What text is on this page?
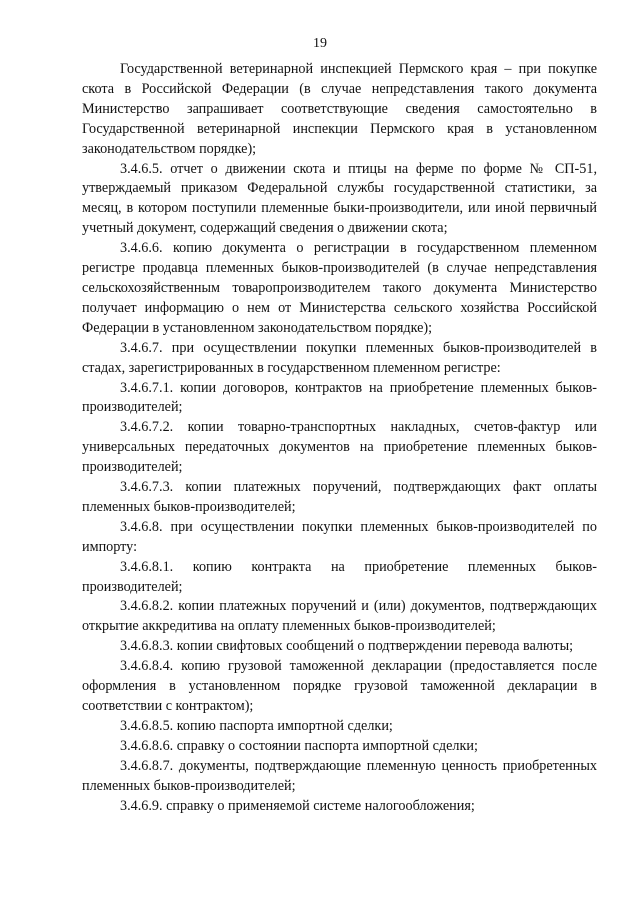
19

Государственной ветеринарной инспекцией Пермского края – при покупке скота в Российской Федерации (в случае непредставления такого документа Министерство запрашивает соответствующие сведения самостоятельно в Государственной ветеринарной инспекции Пермского края в установленном законодательством порядке);

3.4.6.5. отчет о движении скота и птицы на ферме по форме № СП-51, утверждаемый приказом Федеральной службы государственной статистики, за месяц, в котором поступили племенные быки-производители, или иной первичный учетный документ, содержащий сведения о движении скота;

3.4.6.6. копию документа о регистрации в государственном племенном регистре продавца племенных быков-производителей (в случае непредставления сельскохозяйственным товаропроизводителем такого документа Министерство получает информацию о нем от Министерства сельского хозяйства Российской Федерации в установленном законодательством порядке);

3.4.6.7. при осуществлении покупки племенных быков-производителей в стадах, зарегистрированных в государственном племенном регистре:

3.4.6.7.1. копии договоров, контрактов на приобретение племенных быков-производителей;

3.4.6.7.2. копии товарно-транспортных накладных, счетов-фактур или универсальных передаточных документов на приобретение племенных быков-производителей;

3.4.6.7.3. копии платежных поручений, подтверждающих факт оплаты племенных быков-производителей;

3.4.6.8. при осуществлении покупки племенных быков-производителей по импорту:

3.4.6.8.1. копию контракта на приобретение племенных быков-производителей;

3.4.6.8.2. копии платежных поручений и (или) документов, подтверждающих открытие аккредитива на оплату племенных быков-производителей;

3.4.6.8.3. копии свифтовых сообщений о подтверждении перевода валюты;

3.4.6.8.4. копию грузовой таможенной декларации (предоставляется после оформления в установленном порядке грузовой таможенной декларации в соответствии с контрактом);

3.4.6.8.5. копию паспорта импортной сделки;

3.4.6.8.6. справку о состоянии паспорта импортной сделки;

3.4.6.8.7. документы, подтверждающие племенную ценность приобретенных племенных быков-производителей;

3.4.6.9. справку о применяемой системе налогообложения;
